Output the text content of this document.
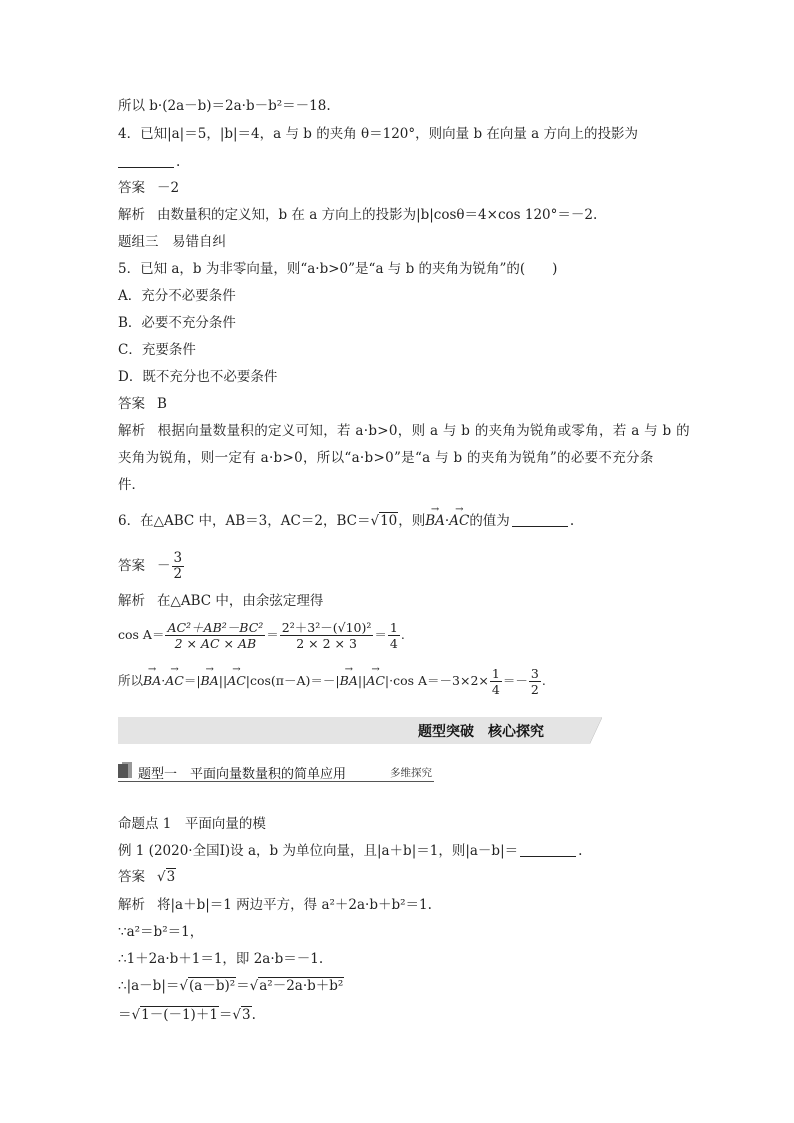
所以 b·(2a－b)＝2a·b－b²＝－18.
4．已知|a|＝5，|b|＝4，a 与 b 的夹角 θ＝120°，则向量 b 在向量 a 方向上的投影为
.
答案 －2
解析 由数量积的定义知，b 在 a 方向上的投影为|b|cosθ＝4×cos 120°＝－2.
题组三　易错自纠
5．已知 a，b 为非零向量，则“a·b>0”是“a 与 b 的夹角为锐角”的(　　)
A．充分不必要条件
B．必要不充分条件
C．充要条件
D．既不充分也不必要条件
答案 B
解析 根据向量数量积的定义可知，若 a·b>0，则 a 与 b 的夹角为锐角或零角，若 a 与 b 的
夹角为锐角，则一定有 a·b>0，所以“a·b>0”是“a 与 b 的夹角为锐角”的必要不充分条
件．
6．在△ABC 中，AB＝3，AC＝2，BC＝√10，则→ BA·→ AC的值为	.
答案 － $\frac{3}{2}$
解析 在△ABC 中，由余弦定理得
$\cos A= \frac{\text{AC²＋AB²－BC²}}{2 \times AC \times AB} = \frac{\text{2²＋3²－(√10)²}}{2 \times 2 \times 3} = \frac{1}{4}$ .
所以→ BA·→ AC＝|→ BA||→ AC|cos(π－A)＝－|→ BA||→ AC|·cos $A=-3\times 2\times \frac{1}{4} =- \frac{3}{2}$ .
题型突破　核心探究
题型一　平面向量数量积的简单应用	多维探究
命题点 1　平面向量的模
例 1 (2020·全国Ⅰ)设 a，b 为单位向量，且|a＋b|＝1，则|a－b|＝	.
答案 √3
解析 将|a＋b|＝1 两边平方，得 a²＋2a·b＋b²＝1.
∵a²＝b²＝1，
∴1＋2a·b＋1＝1，即 2a·b＝－1.
∴|a－b|＝√(a－b)²＝√a²－2a·b＋b²
＝√1－(－1)＋1＝√3.
